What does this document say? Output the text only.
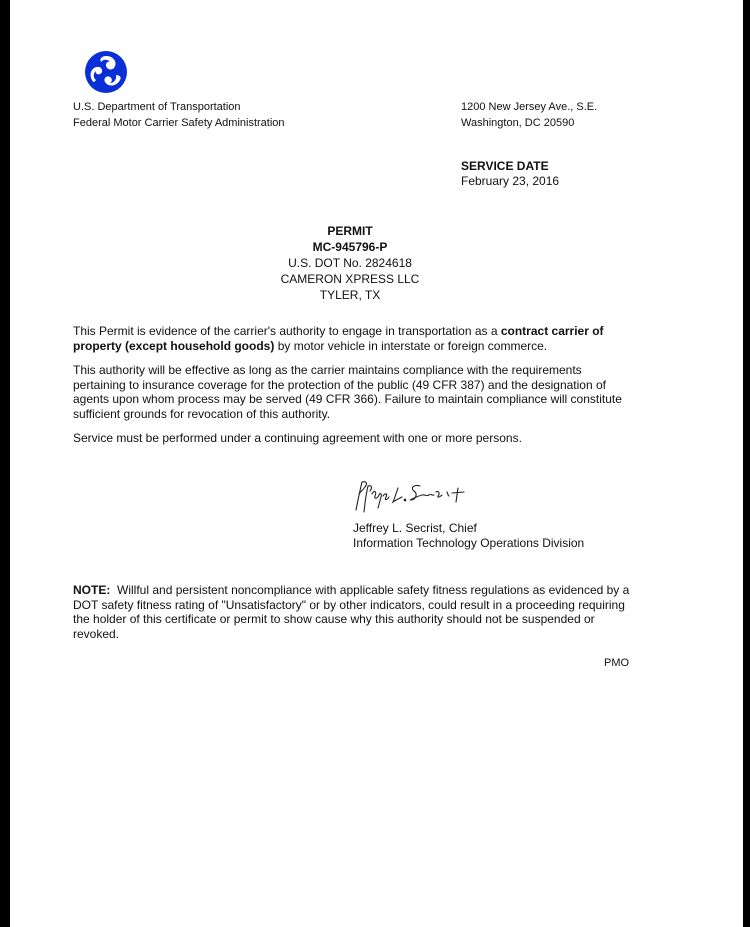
U.S. Department of Transportation
Federal Motor Carrier Safety Administration
1200 New Jersey Ave., S.E.
Washington, DC 20590
SERVICE DATE
February 23, 2016
PERMIT
MC-945796-P
U.S. DOT No. 2824618
CAMERON XPRESS LLC
TYLER, TX
This Permit is evidence of the carrier's authority to engage in transportation as a contract carrier of property (except household goods) by motor vehicle in interstate or foreign commerce.
This authority will be effective as long as the carrier maintains compliance with the requirements pertaining to insurance coverage for the protection of the public (49 CFR 387) and the designation of agents upon whom process may be served (49 CFR 366). Failure to maintain compliance will constitute sufficient grounds for revocation of this authority.
Service must be performed under a continuing agreement with one or more persons.
Jeffrey L. Secrist, Chief
Information Technology Operations Division
NOTE: Willful and persistent noncompliance with applicable safety fitness regulations as evidenced by a DOT safety fitness rating of "Unsatisfactory" or by other indicators, could result in a proceeding requiring the holder of this certificate or permit to show cause why this authority should not be suspended or revoked.
PMO
